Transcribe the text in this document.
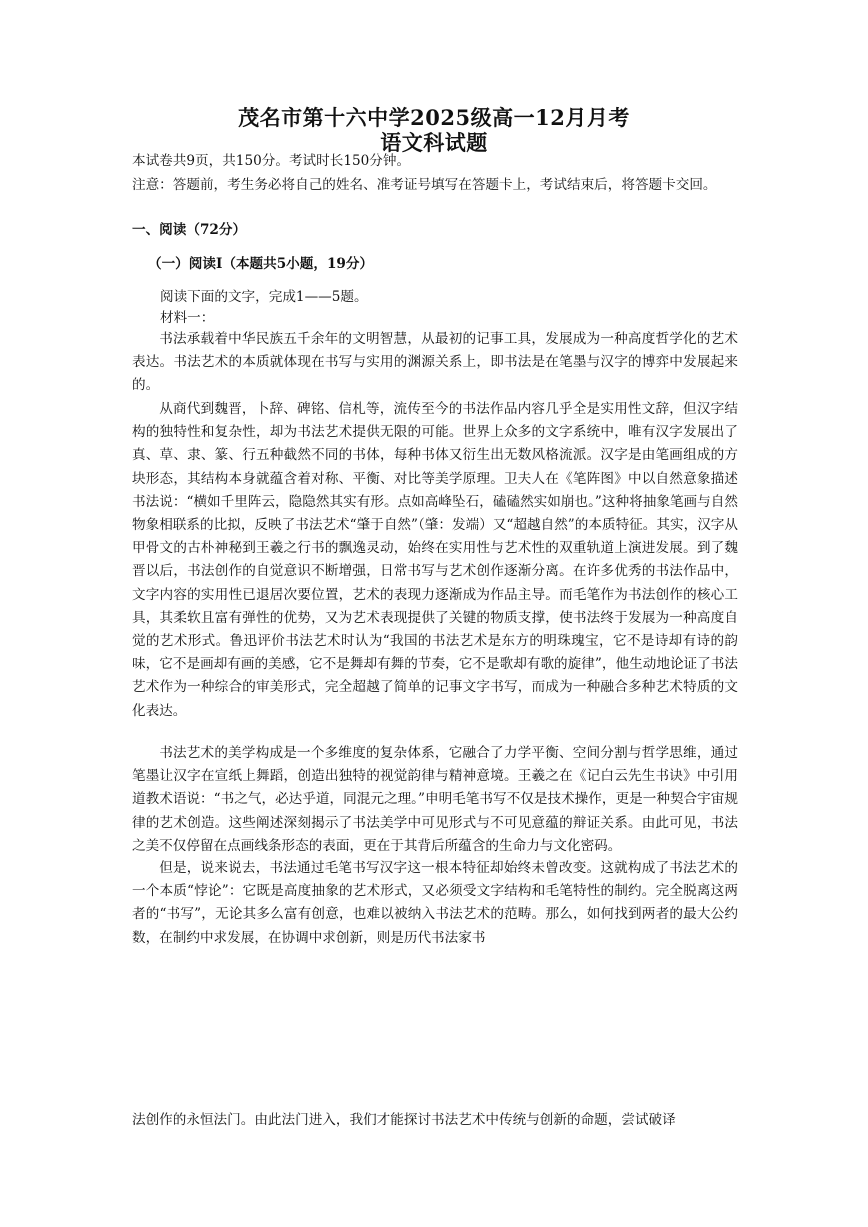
茂名市第十六中学2025级高一12月月考
语文科试题
本试卷共9页，共150分。考试时长150分钟。
注意：答题前，考生务必将自己的姓名、准考证号填写在答题卡上，考试结束后，将答题卡交回。
一、阅读（72分）
（一）阅读Ⅰ（本题共5小题，19分）
阅读下面的文字，完成1——5题。
材料一：
书法承载着中华民族五千余年的文明智慧，从最初的记事工具，发展成为一种高度哲学化的艺术表达。书法艺术的本质就体现在书写与实用的渊源关系上，即书法是在笔墨与汉字的博弈中发展起来的。
从商代到魏晋，卜辞、碑铭、信札等，流传至今的书法作品内容几乎全是实用性文辞，但汉字结构的独特性和复杂性，却为书法艺术提供无限的可能。世界上众多的文字系统中，唯有汉字发展出了真、草、隶、篆、行五种截然不同的书体，每种书体又衍生出无数风格流派。汉字是由笔画组成的方块形态，其结构本身就蕴含着对称、平衡、对比等美学原理。卫夫人在《笔阵图》中以自然意象描述书法说：“横如千里阵云，隐隐然其实有形。点如高峰坠石，磕磕然实如崩也。”这种将抽象笔画与自然物象相联系的比拟，反映了书法艺术“肇于自然”（肇：发端）又“超越自然”的本质特征。其实，汉字从甲骨文的古朴神秘到王羲之行书的飘逸灵动，始终在实用性与艺术性的双重轨道上演进发展。到了魏晋以后，书法创作的自觉意识不断增强，日常书写与艺术创作逐渐分离。在许多优秀的书法作品中，文字内容的实用性已退居次要位置，艺术的表现力逐渐成为作品主导。而毛笔作为书法创作的核心工具，其柔软且富有弹性的优势，又为艺术表现提供了关键的物质支撑，使书法终于发展为一种高度自觉的艺术形式。鲁迅评价书法艺术时认为“我国的书法艺术是东方的明珠瑰宝，它不是诗却有诗的韵味，它不是画却有画的美感，它不是舞却有舞的节奏，它不是歌却有歌的旋律”，他生动地论证了书法艺术作为一种综合的审美形式，完全超越了简单的记事文字书写，而成为一种融合多种艺术特质的文化表达。
书法艺术的美学构成是一个多维度的复杂体系，它融合了力学平衡、空间分割与哲学思维，通过笔墨让汉字在宣纸上舞蹈，创造出独特的视觉韵律与精神意境。王羲之在《记白云先生书诀》中引用道教术语说：“书之气，必达乎道，同混元之理。”申明毛笔书写不仅是技术操作，更是一种契合宇宙规律的艺术创造。这些阐述深刻揭示了书法美学中可见形式与不可见意蕴的辩证关系。由此可见，书法之美不仅停留在点画线条形态的表面，更在于其背后所蕴含的生命力与文化密码。
但是，说来说去，书法通过毛笔书写汉字这一根本特征却始终未曾改变。这就构成了书法艺术的一个本质“悖论”：它既是高度抽象的艺术形式，又必须受文字结构和毛笔特性的制约。完全脱离这两者的“书写”，无论其多么富有创意，也难以被纳入书法艺术的范畴。那么，如何找到两者的最大公约数，在制约中求发展，在协调中求创新，则是历代书法家书
法创作的永恒法门。由此法门进入，我们才能探讨书法艺术中传统与创新的命题，尝试破译
